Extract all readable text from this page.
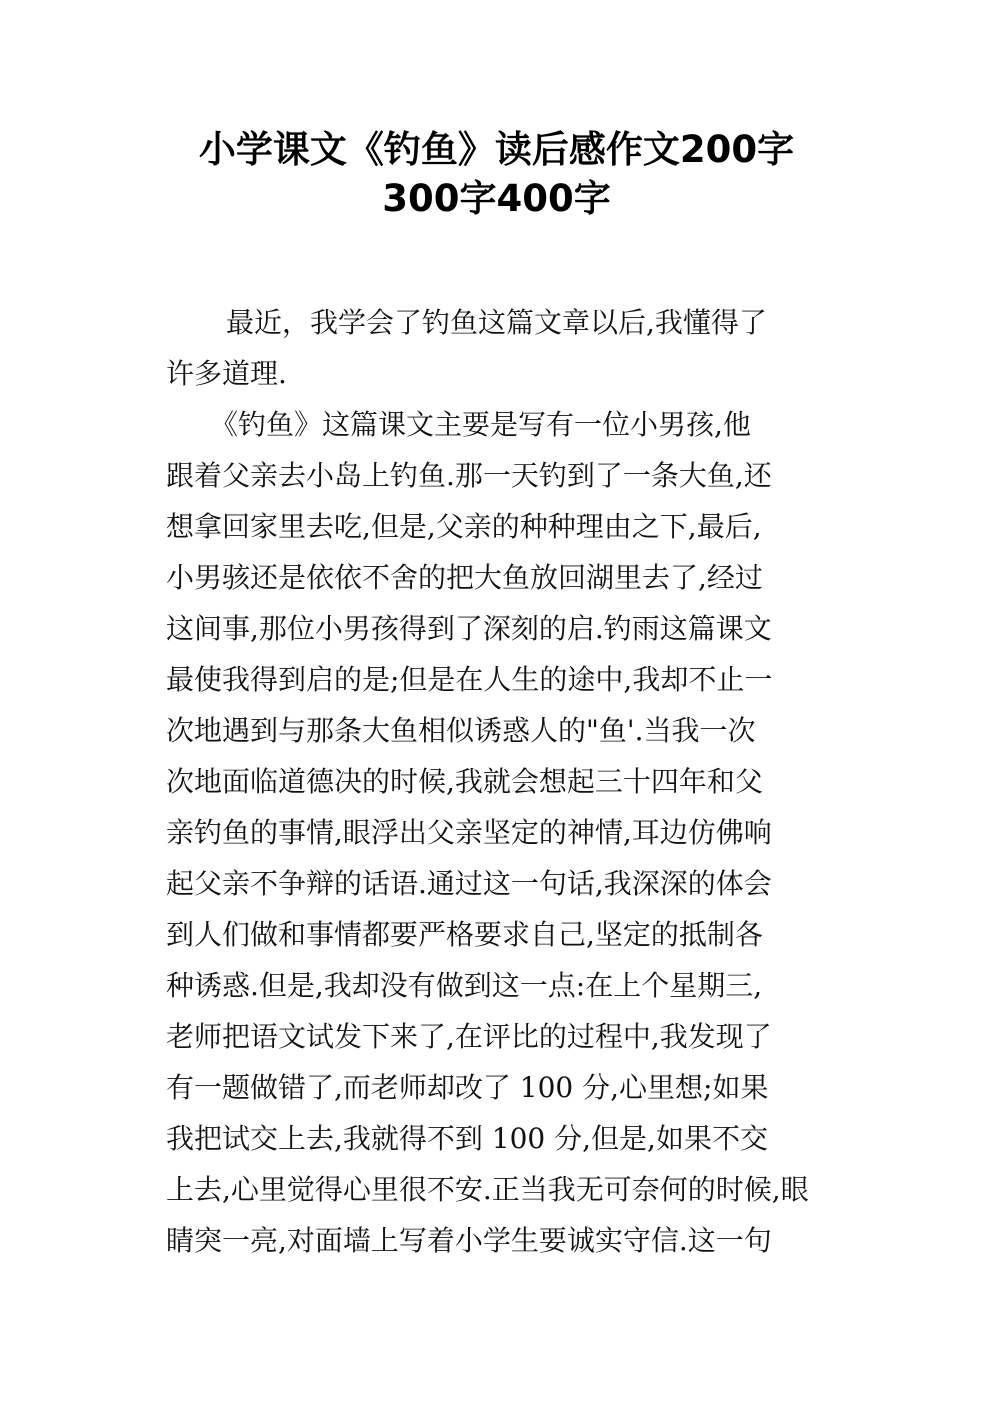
小学课文《钓鱼》读后感作文200字
300字400字
最近，我学会了钓鱼这篇文章以后,我懂得了
许多道理.
《钓鱼》这篇课文主要是写有一位小男孩,他
跟着父亲去小岛上钓鱼.那一天钓到了一条大鱼,还
想拿回家里去吃,但是,父亲的种种理由之下,最后,
小男骇还是依依不舍的把大鱼放回湖里去了,经过
这间事,那位小男孩得到了深刻的启.钓雨这篇课文
最使我得到启的是;但是在人生的途中,我却不止一
次地遇到与那条大鱼相似诱惑人的"鱼'.当我一次
次地面临道德决的时候,我就会想起三十四年和父
亲钓鱼的事情,眼浮出父亲坚定的神情,耳边仿佛响
起父亲不争辩的话语.通过这一句话,我深深的体会
到人们做和事情都要严格要求自己,坚定的抵制各
种诱惑.但是,我却没有做到这一点:在上个星期三,
老师把语文试发下来了,在评比的过程中,我发现了
有一题做错了,而老师却改了 100 分,心里想;如果
我把试交上去,我就得不到 100 分,但是,如果不交
上去,心里觉得心里很不安.正当我无可奈何的时候,眼
睛突一亮,对面墙上写着小学生要诚实守信.这一句
